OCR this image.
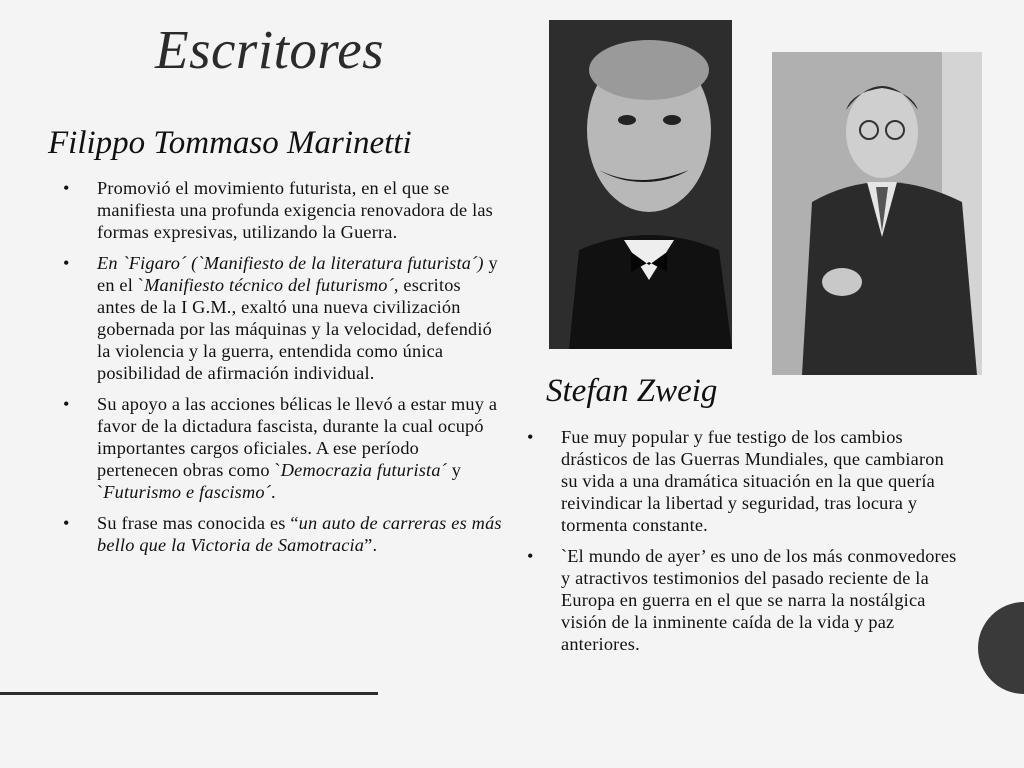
Escritores
Filippo Tommaso Marinetti
• Promovió el movimiento futurista, en el que se manifiesta una profunda exigencia renovadora de las formas expresivas, utilizando la Guerra.
• En `Figaro´ (`Manifiesto de la literatura futurista´) y en el `Manifiesto técnico del futurismo´, escritos antes de la I G.M., exaltó una nueva civilización gobernada por las máquinas y la velocidad, defendió la violencia y la guerra, entendida como única posibilidad de afirmación individual.
• Su apoyo a las acciones bélicas le llevó a estar muy a favor de la dictadura fascista, durante la cual ocupó importantes cargos oficiales. A ese período pertenecen obras como `Democrazia futurista´ y `Futurismo e fascismo´.
• Su frase mas conocida es “un auto de carreras es más bello que la Victoria de Samotracia”.
Stefan Zweig
• Fue muy popular y fue testigo de los cambios drásticos de las Guerras Mundiales, que cambiaron su vida a una dramática situación en la que quería reivindicar la libertad y seguridad, tras locura y tormenta constante.
• `El mundo de ayer’ es uno de los más conmovedores y atractivos testimonios del pasado reciente de la Europa en guerra en el que se narra la nostálgica visión de la inminente caída de la vida y paz anteriores.
